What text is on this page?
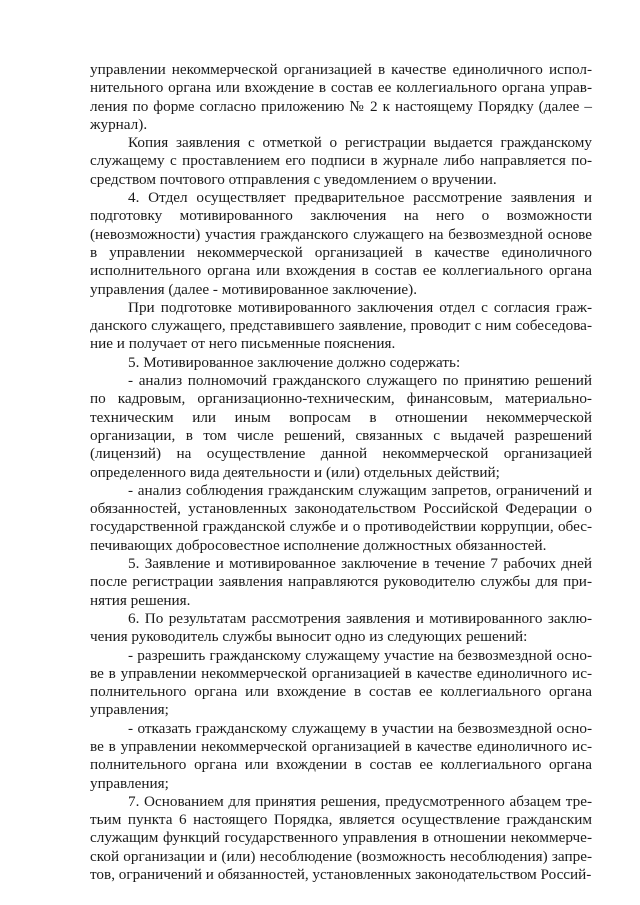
управлении некоммерческой организацией в качестве единоличного исполнительного органа или вхождение в состав ее коллегиального органа управления по форме согласно приложению № 2 к настоящему Порядку (далее – журнал).

Копия заявления с отметкой о регистрации выдается гражданскому служащему с проставлением его подписи в журнале либо направляется посредством почтового отправления с уведомлением о вручении.

4. Отдел осуществляет предварительное рассмотрение заявления и подготовку мотивированного заключения на него о возможности (невозможности) участия гражданского служащего на безвозмездной основе в управлении некоммерческой организацией в качестве единоличного исполнительного органа или вхождения в состав ее коллегиального органа управления (далее - мотивированное заключение).

При подготовке мотивированного заключения отдел с согласия гражданского служащего, представившего заявление, проводит с ним собеседование и получает от него письменные пояснения.

5. Мотивированное заключение должно содержать:

- анализ полномочий гражданского служащего по принятию решений по кадровым, организационно-техническим, финансовым, материально-техническим или иным вопросам в отношении некоммерческой организации, в том числе решений, связанных с выдачей разрешений (лицензий) на осуществление данной некоммерческой организацией определенного вида деятельности и (или) отдельных действий;

- анализ соблюдения гражданским служащим запретов, ограничений и обязанностей, установленных законодательством Российской Федерации о государственной гражданской службе и о противодействии коррупции, обеспечивающих добросовестное исполнение должностных обязанностей.

5. Заявление и мотивированное заключение в течение 7 рабочих дней после регистрации заявления направляются руководителю службы для принятия решения.

6. По результатам рассмотрения заявления и мотивированного заключения руководитель службы выносит одно из следующих решений:

- разрешить гражданскому служащему участие на безвозмездной основе в управлении некоммерческой организацией в качестве единоличного исполнительного органа или вхождение в состав ее коллегиального органа управления;

- отказать гражданскому служащему в участии на безвозмездной основе в управлении некоммерческой организацией в качестве единоличного исполнительного органа или вхождении в состав ее коллегиального органа управления;

7. Основанием для принятия решения, предусмотренного абзацем третьим пункта 6 настоящего Порядка, является осуществление гражданским служащим функций государственного управления в отношении некоммерческой организации и (или) несоблюдение (возможность несоблюдения) запретов, ограничений и обязанностей, установленных законодательством Россий-
